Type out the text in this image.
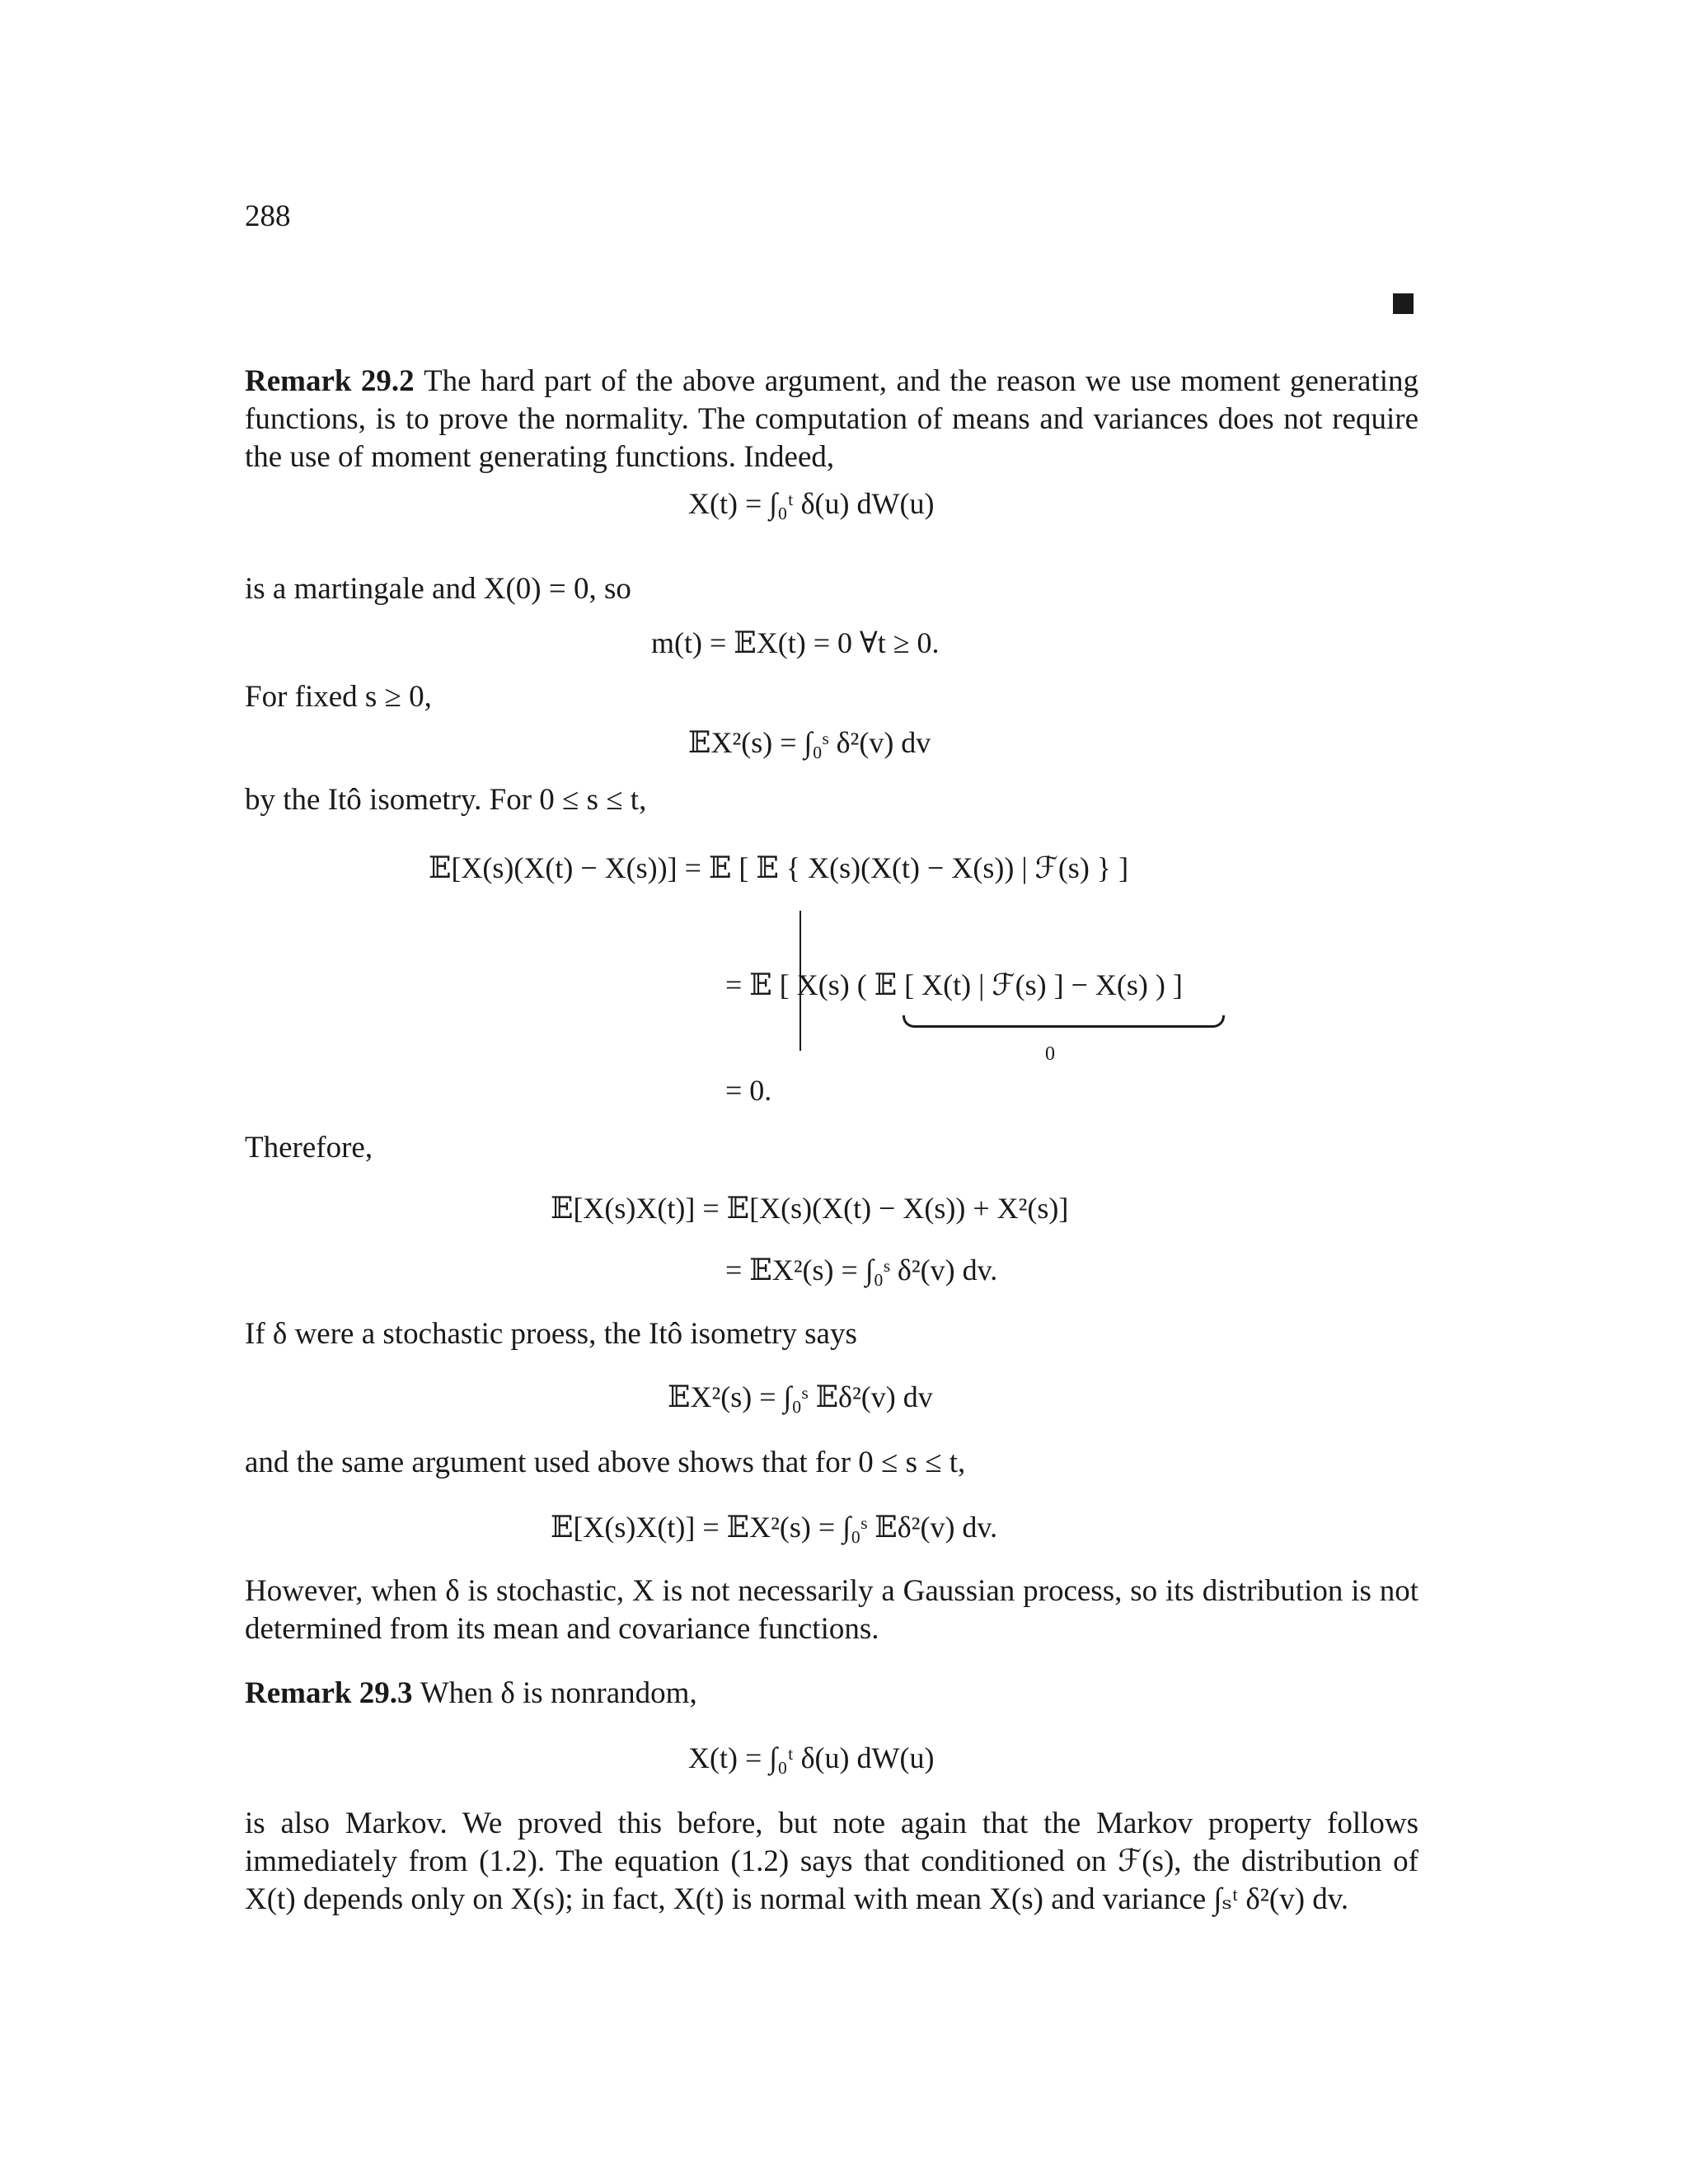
288

Remark 29.2 The hard part of the above argument, and the reason we use moment generating functions, is to prove the normality. The computation of means and variances does not require the use of moment generating functions. Indeed,

X(t) = ∫₀ᵗ δ(u) dW(u)
is a martingale and X(0) = 0, so
m(t) = 𝔼X(t) = 0 ∀t ≥ 0.
For fixed s ≥ 0,
𝔼X²(s) = ∫₀ˢ δ²(v) dv
by the Itô isometry. For 0 ≤ s ≤ t,
𝔼[X(s)(X(t) − X(s))] = 𝔼 [ 𝔼 { X(s)(X(t) − X(s)) | ℱ(s) } ]
= 𝔼 [ X(s) ( 𝔼 [ X(t) | ℱ(s) ] − X(s) ) ]
0
= 0.
Therefore,
𝔼[X(s)X(t)] = 𝔼[X(s)(X(t) − X(s)) + X²(s)]
= 𝔼X²(s) = ∫₀ˢ δ²(v) dv.
If δ were a stochastic proess, the Itô isometry says
𝔼X²(s) = ∫₀ˢ 𝔼δ²(v) dv
and the same argument used above shows that for 0 ≤ s ≤ t,
𝔼[X(s)X(t)] = 𝔼X²(s) = ∫₀ˢ 𝔼δ²(v) dv.
However, when δ is stochastic, X is not necessarily a Gaussian process, so its distribution is not determined from its mean and covariance functions.

Remark 29.3 When δ is nonrandom,

X(t) = ∫₀ᵗ δ(u) dW(u)
is also Markov. We proved this before, but note again that the Markov property follows immediately from (1.2). The equation (1.2) says that conditioned on ℱ(s), the distribution of X(t) depends only on X(s); in fact, X(t) is normal with mean X(s) and variance ∫ₛᵗ δ²(v) dv.
